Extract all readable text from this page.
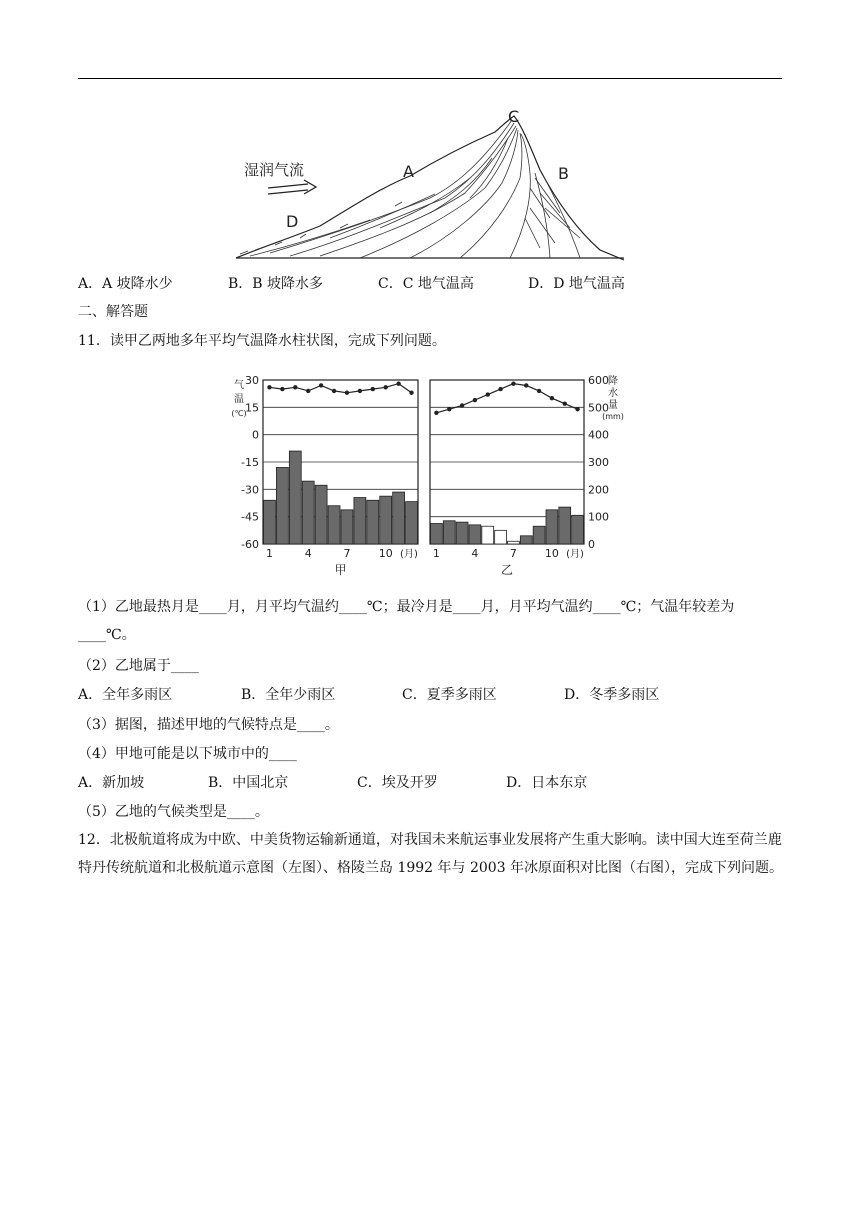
湿润气流	A	B
C
D
A．A 坡降水少	B．B 坡降水多	C．C 地气温高	D．D 地气温高
二、解答题
11．读甲乙两地多年平均气温降水柱状图，完成下列问题。
1	4	7	10 (月)
甲
1	4	7	10 (月)
乙
30
15
0
-15
-30
-45
-60
气
温
(℃)
600
500
400
300
200
100
0
降
水
量
(mm)
（1）乙地最热月是____月，月平均气温约____℃；最冷月是____月，月平均气温约____℃；气温年较差为
____℃。
（2）乙地属于____
A．全年多雨区	B．全年少雨区	C．夏季多雨区	D．冬季多雨区
（3）据图，描述甲地的气候特点是____。
（4）甲地可能是以下城市中的____
A．新加坡	B．中国北京	C．埃及开罗	D．日本东京
（5）乙地的气候类型是____。
12．北极航道将成为中欧、中美货物运输新通道，对我国未来航运事业发展将产生重大影响。读中国大连至荷兰鹿特丹传统航道和北极航道示意图（左图）、格陵兰岛 1992 年与 2003 年冰原面积对比图（右图），完成下列问题。
